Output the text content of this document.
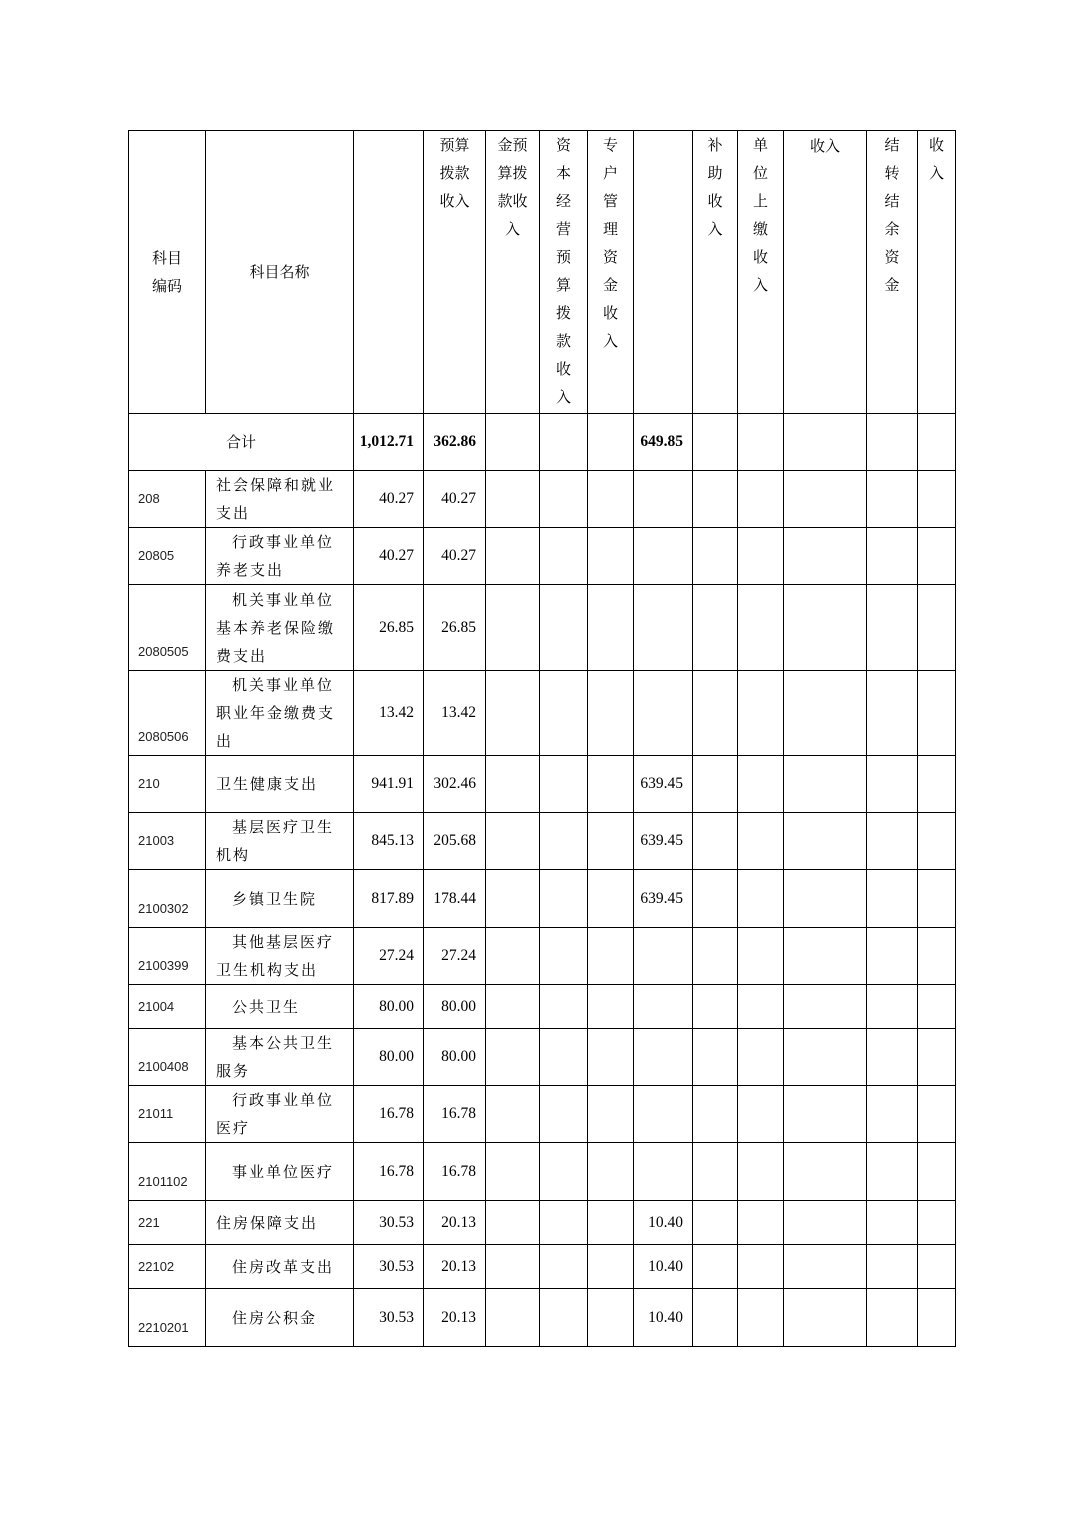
科目编码	科目名称		预算拨款收入	金预算拨款收入	资本经营预算拨款收入	专户管理资金收入		补助收入	单位上缴收入	收入	结转结余资金	收入

合计		1,012.71	362.86				649.85					
208	社会保障和就业支出	40.27	40.27									
20805	行政事业单位养老支出	40.27	40.27									
2080505	机关事业单位基本养老保险缴费支出	26.85	26.85									
2080506	机关事业单位职业年金缴费支出	13.42	13.42									
210	卫生健康支出	941.91	302.46				639.45					
21003	基层医疗卫生机构	845.13	205.68				639.45					
2100302	乡镇卫生院	817.89	178.44				639.45					
2100399	其他基层医疗卫生机构支出	27.24	27.24									
21004	公共卫生	80.00	80.00									
2100408	基本公共卫生服务	80.00	80.00									
21011	行政事业单位医疗	16.78	16.78									
2101102	事业单位医疗	16.78	16.78									
221	住房保障支出	30.53	20.13				10.40					
22102	住房改革支出	30.53	20.13				10.40					
2210201	住房公积金	30.53	20.13				10.40					
